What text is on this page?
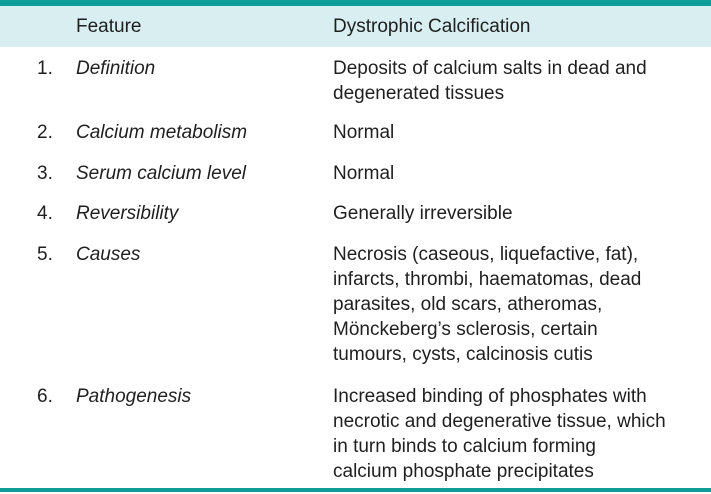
Feature	Dystrophic Calcification
1. Definition	Deposits of calcium salts in dead and
degenerated tissues
2. Calcium metabolism	Normal
3. Serum calcium level	Normal
4. Reversibility	Generally irreversible
5. Causes	Necrosis (caseous, liquefactive, fat),
infarcts, thrombi, haematomas, dead
parasites, old scars, atheromas,
Mönckeberg’s sclerosis, certain
tumours, cysts, calcinosis cutis
6. Pathogenesis	Increased binding of phosphates with
necrotic and degenerative tissue, which
in turn binds to calcium forming
calcium phosphate precipitates
